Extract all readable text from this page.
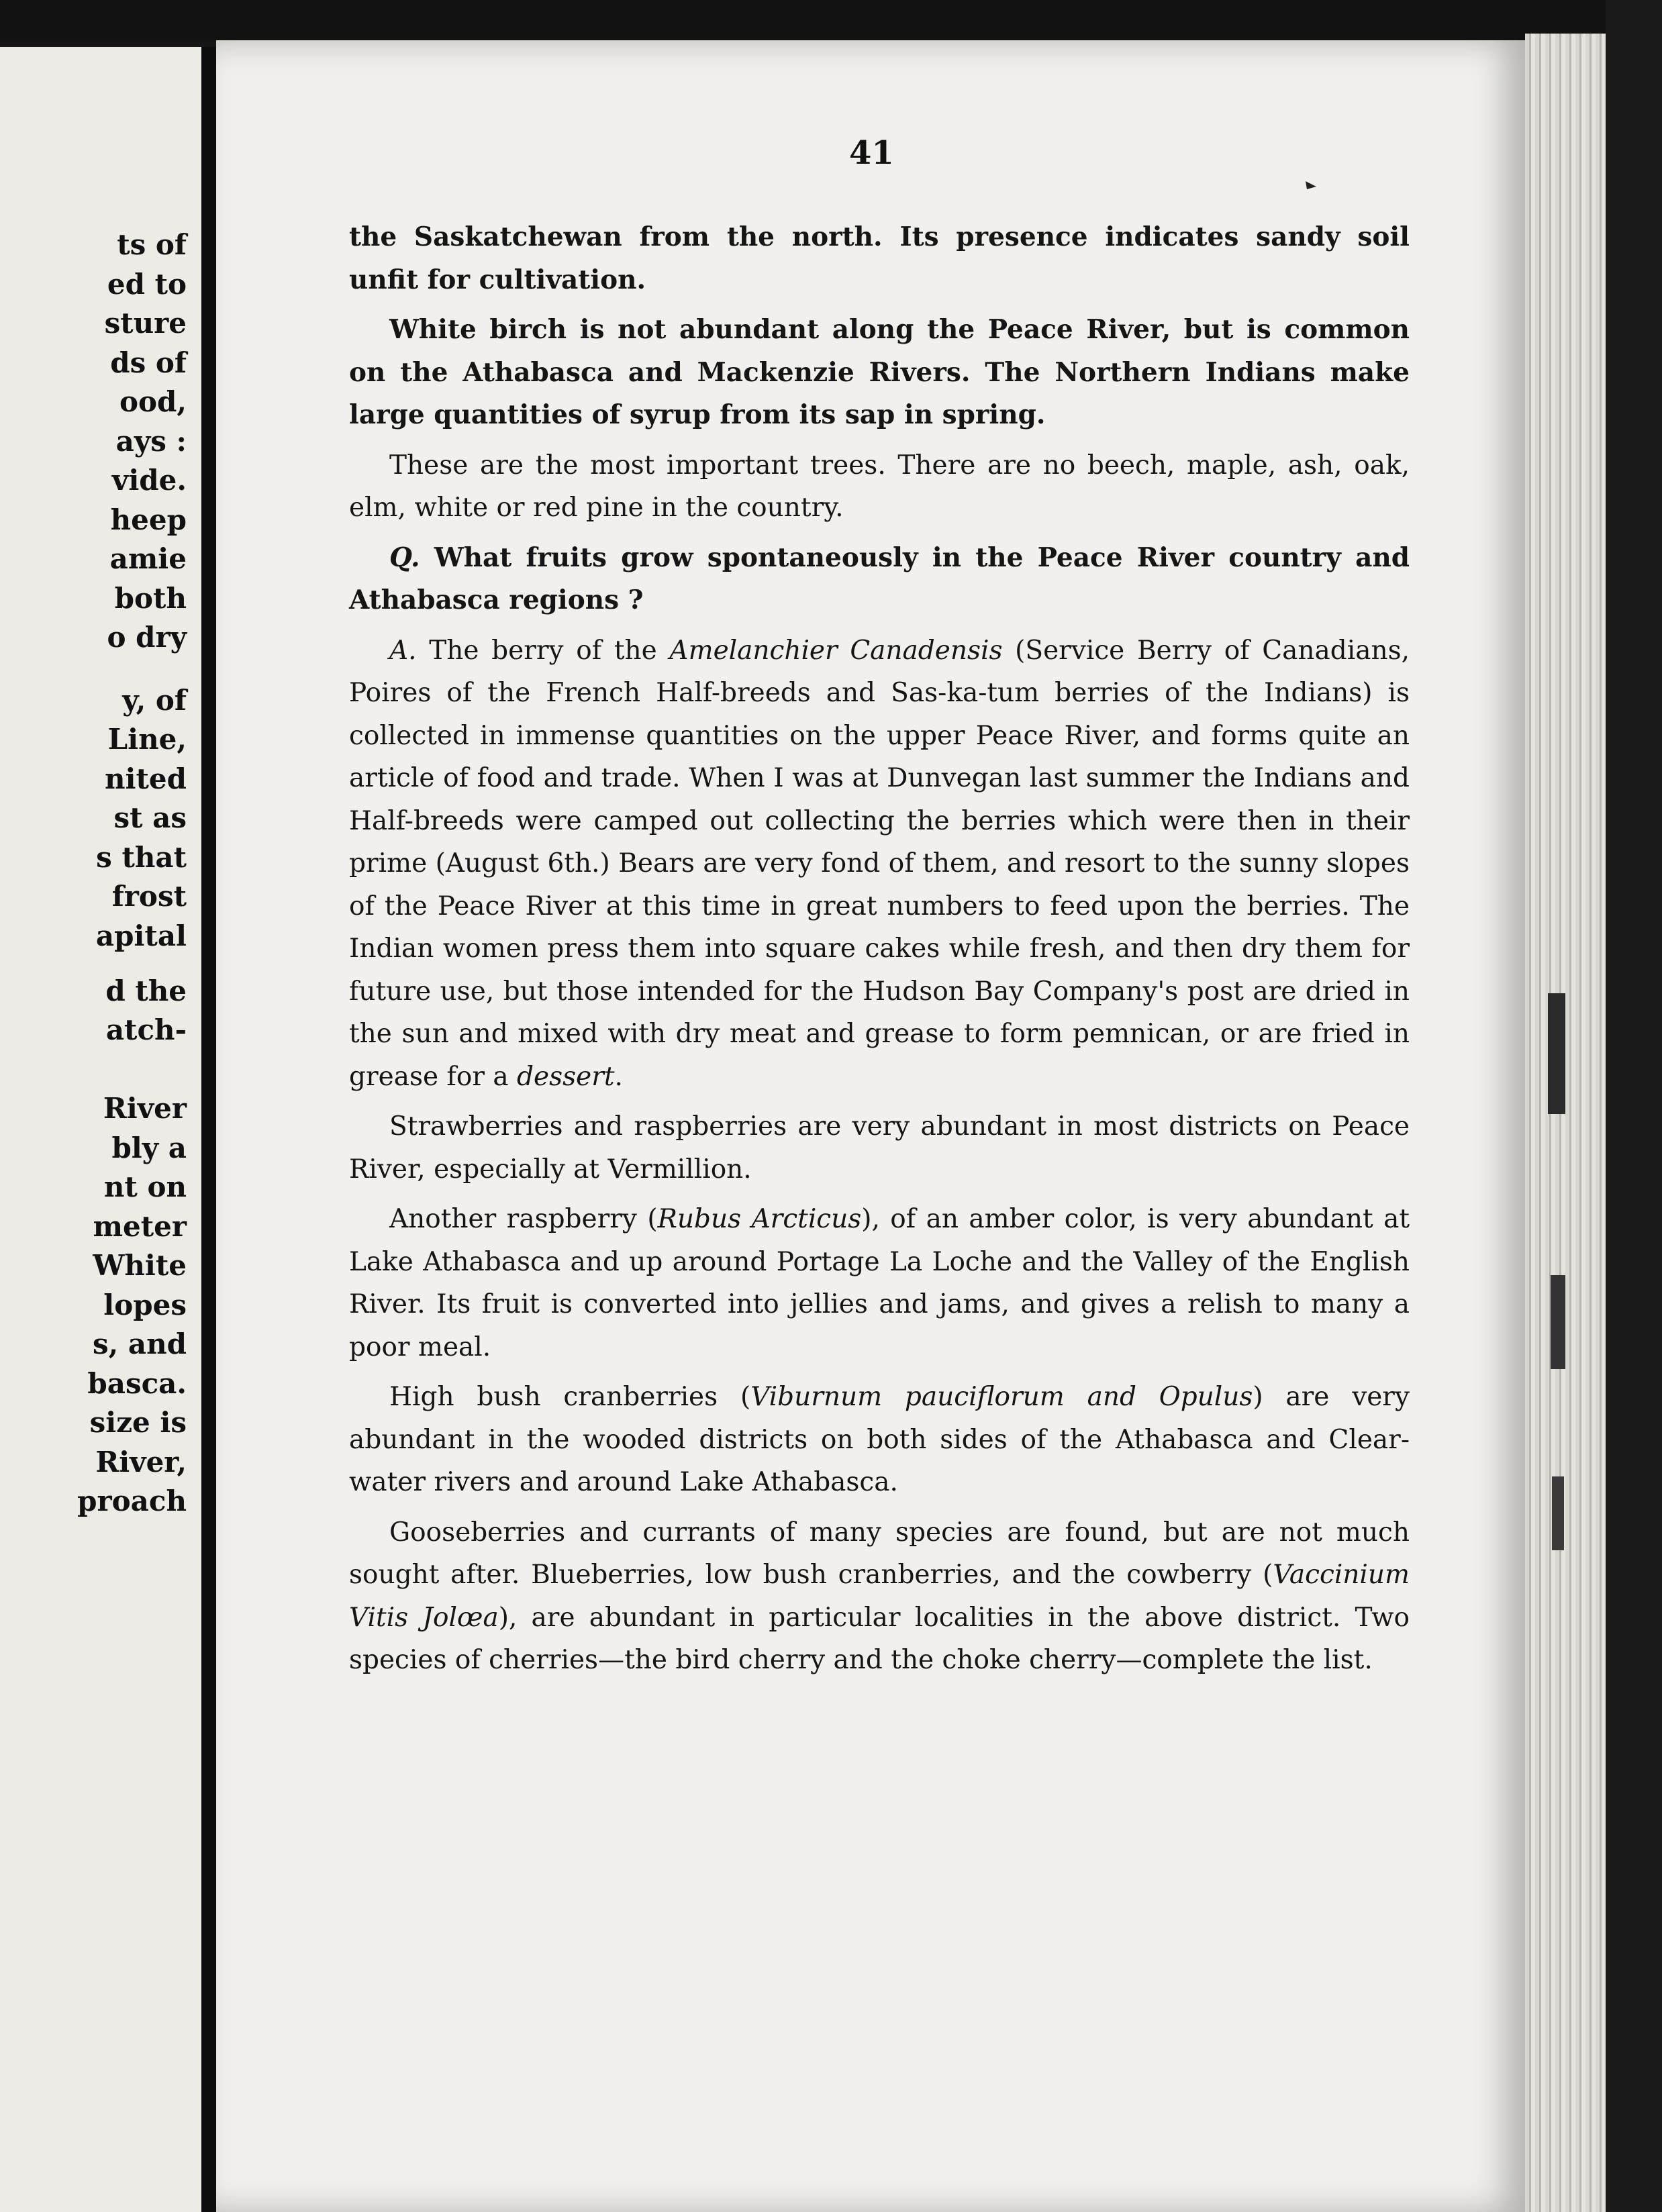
ts of
ed to
sture
ds of
ood,
ays :
vide.
heep
amie
both
o dry
y, of
Line,
nited
st as
s that
frost
apital
d the
atch-
River
bly a
nt on
meter
White
lopes
s, and
basca.
size is
River,
proach
41

the Saskatchewan from the north. Its presence indicates sandy soil unfit for cultivation.

White birch is not abundant along the Peace River, but is common on the Athabasca and Mackenzie Rivers. The Northern Indians make large quantities of syrup from its sap in spring.

These are the most important trees. There are no beech, maple, ash, oak, elm, white or red pine in the country.

Q. What fruits grow spontaneously in the Peace River country and Athabasca regions ?

A. The berry of the Amelanchier Canadensis (Service Berry of Canadians, Poires of the French Half-breeds and Sas-ka-tum berries of the Indians) is collected in immense quantities on the upper Peace River, and forms quite an article of food and trade. When I was at Dunvegan last summer the Indians and Half-breeds were camped out collecting the berries which were then in their prime (August 6th.) Bears are very fond of them, and resort to the sunny slopes of the Peace River at this time in great numbers to feed upon the berries. The Indian women press them into square cakes while fresh, and then dry them for future use, but those intended for the Hudson Bay Company's post are dried in the sun and mixed with dry meat and grease to form pemnican, or are fried in grease for a dessert.

Strawberries and raspberries are very abundant in most districts on Peace River, especially at Vermillion.

Another raspberry (Rubus Arcticus), of an amber color, is very abundant at Lake Athabasca and up around Portage La Loche and the Valley of the English River. Its fruit is converted into jellies and jams, and gives a relish to many a poor meal.

High bush cranberries (Viburnum pauciflorum and Opulus) are very abundant in the wooded districts on both sides of the Athabasca and Clear-water rivers and around Lake Athabasca.

Gooseberries and currants of many species are found, but are not much sought after. Blueberries, low bush cranberries, and the cowberry (Vaccinium Vitis Jolœa), are abundant in particular localities in the above district. Two species of cherries—the bird cherry and the choke cherry—complete the list.
